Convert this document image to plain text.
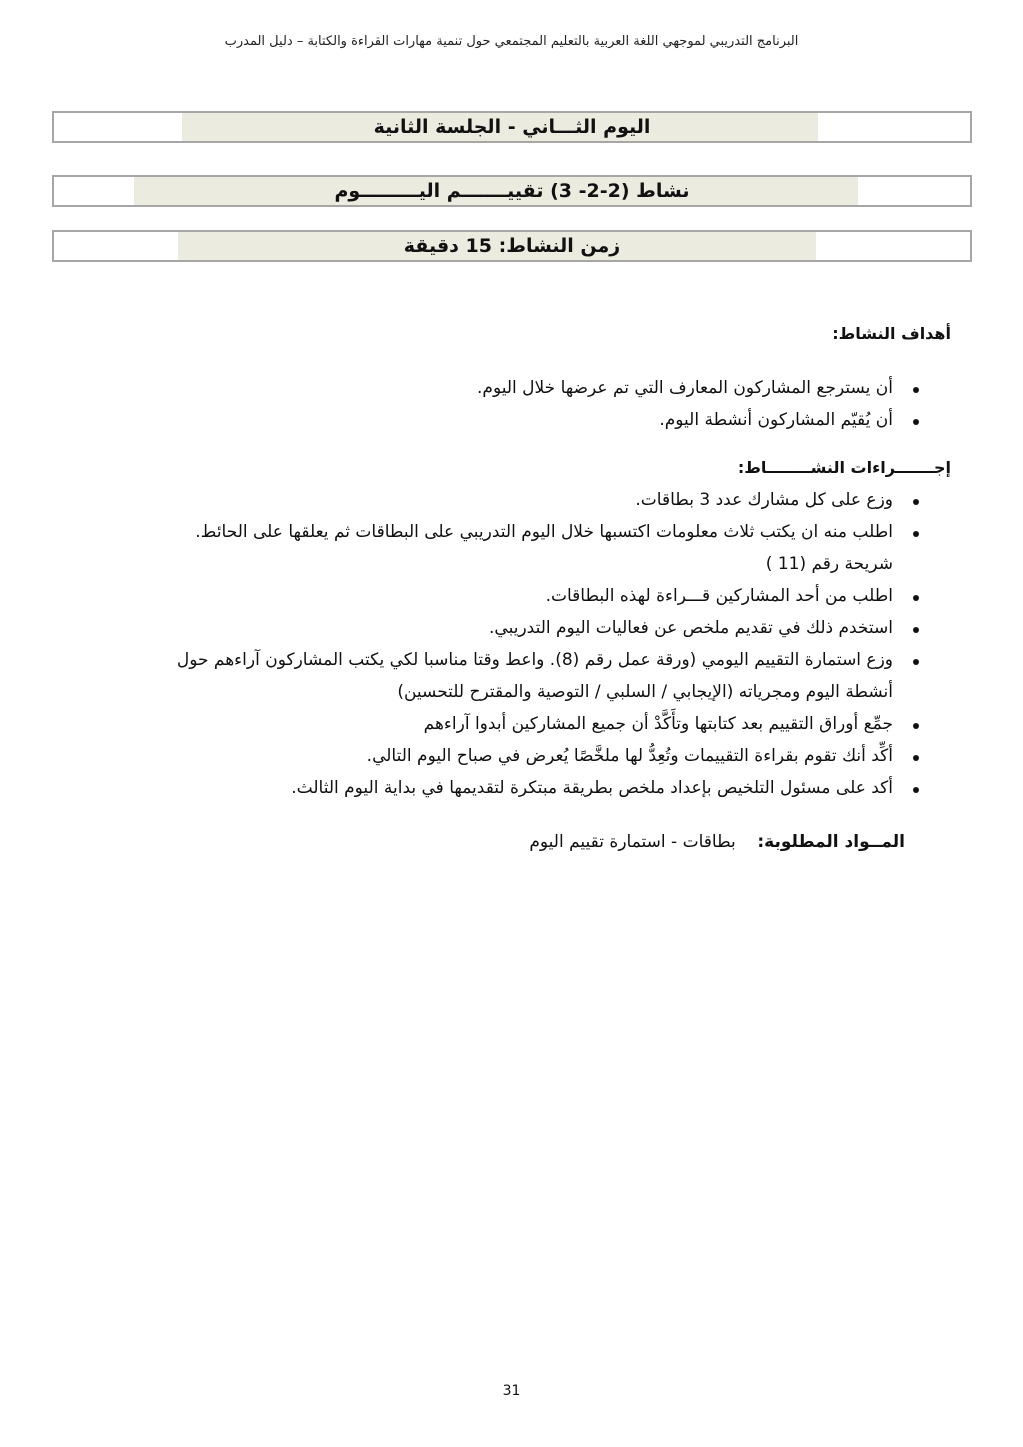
البرنامج التدريبي لموجهي اللغة العربية بالتعليم المجتمعي حول تنمية مهارات القراءة والكتابة – دليل المدرب
اليوم الثـــاني - الجلسة الثانية
نشاط (2-2- 3) تقييـــــــم اليـــــــــوم
زمن النشاط: 15 دقيقة
أهداف النشاط:
أن يسترجع المشاركون المعارف التي تم عرضها خلال اليوم.
أن يُقيّم المشاركون أنشطة اليوم.
إجـــــــراءات النشــــــــاط:
وزع على كل مشارك عدد 3 بطاقات.
اطلب منه ان يكتب ثلاث معلومات اكتسبها خلال اليوم التدريبي على البطاقات ثم يعلقها على الحائط.
شريحة رقم (11 )
اطلب من أحد المشاركين قـــراءة لهذه البطاقات.
استخدم ذلك في تقديم ملخص عن فعاليات اليوم التدريبي.
وزع استمارة التقييم اليومي (ورقة عمل رقم (8). واعط وقتا مناسبا لكي يكتب المشاركون آراءهم حول
أنشطة اليوم ومجرياته (الإيجابي / السلبي / التوصية والمقترح للتحسين)
جمِّع أوراق التقييم بعد كتابتها وتأَكَّدْ أن جميع المشاركين أبدوا آراءهم
أكِّد أنك تقوم بقراءة التقييمات وتُعِدُّ لها ملخَّصًا يُعرض في صباح اليوم التالي.
أكد على مسئول التلخيص بإعداد ملخص بطريقة مبتكرة لتقديمها في بداية اليوم الثالث.
المــواد المطلوبة:    بطاقات - استمارة تقييم اليوم
31
